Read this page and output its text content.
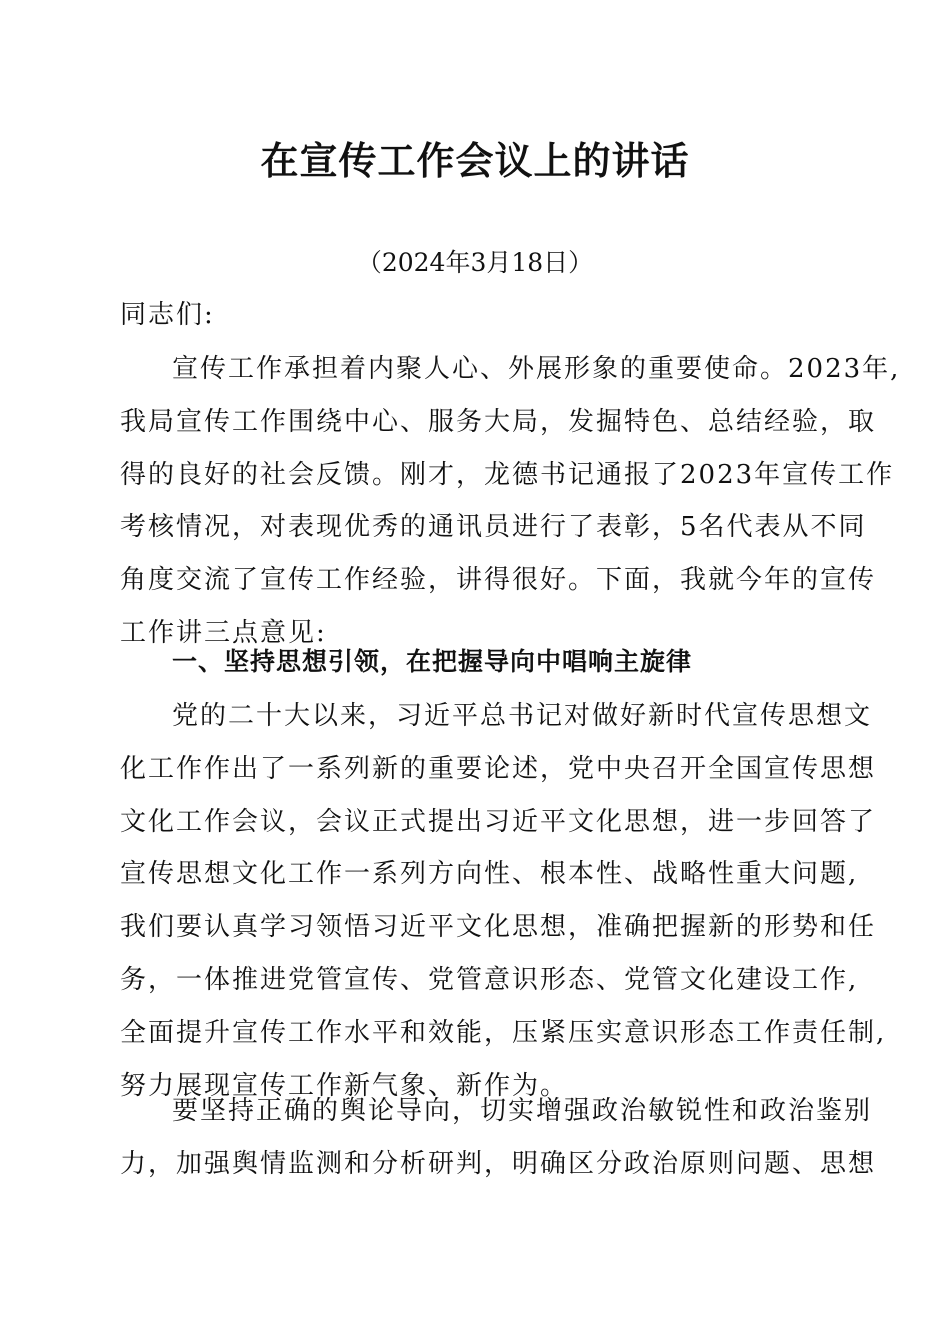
在宣传工作会议上的讲话
（2024年3月18日）
同志们:
宣传工作承担着内聚人心、外展形象的重要使命。2023年,
我局宣传工作围绕中心、服务大局，发掘特色、总结经验，取
得的良好的社会反馈。刚才，龙德书记通报了2023年宣传工作
考核情况，对表现优秀的通讯员进行了表彰，5名代表从不同
角度交流了宣传工作经验，讲得很好。下面，我就今年的宣传
工作讲三点意见:
一、坚持思想引领，在把握导向中唱响主旋律
党的二十大以来，习近平总书记对做好新时代宣传思想文
化工作作出了一系列新的重要论述，党中央召开全国宣传思想
文化工作会议，会议正式提出习近平文化思想，进一步回答了
宣传思想文化工作一系列方向性、根本性、战略性重大问题,
我们要认真学习领悟习近平文化思想，准确把握新的形势和任
务，一体推进党管宣传、党管意识形态、党管文化建设工作,
全面提升宣传工作水平和效能，压紧压实意识形态工作责任制,
努力展现宣传工作新气象、新作为。
要坚持正确的舆论导向，切实增强政治敏锐性和政治鉴别
力，加强舆情监测和分析研判，明确区分政治原则问题、思想
